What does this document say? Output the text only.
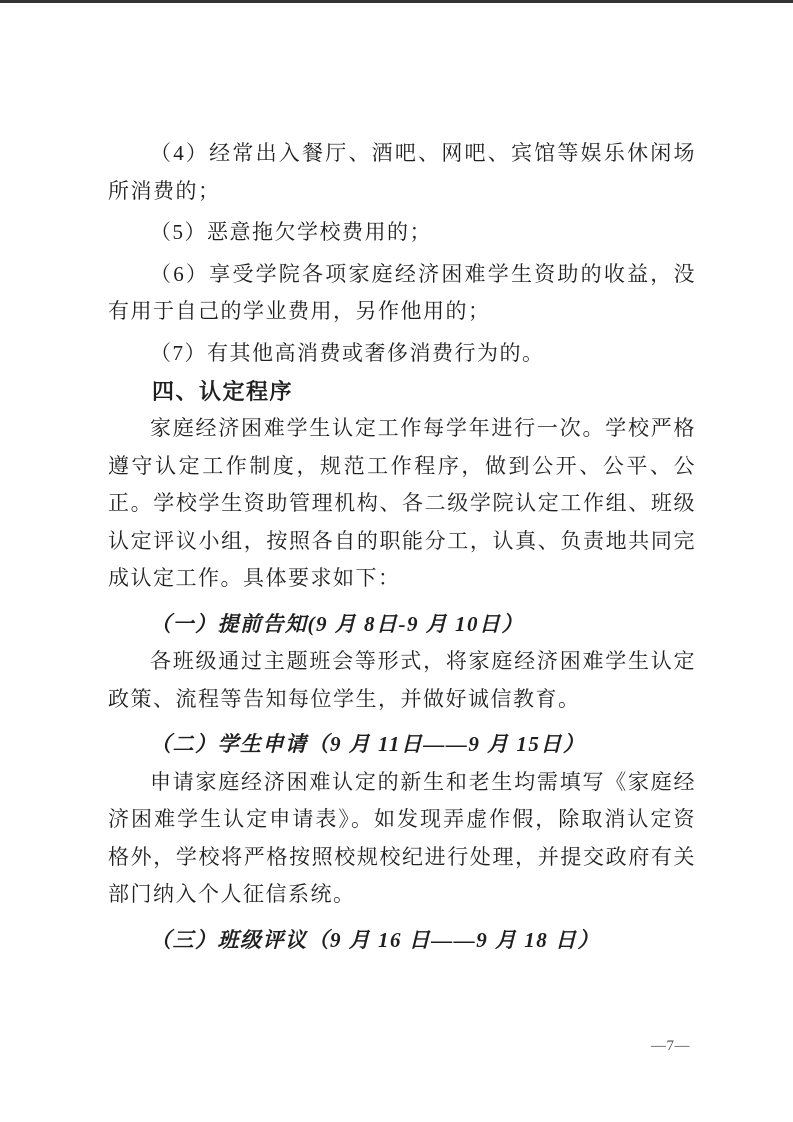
（4）经常出入餐厅、酒吧、网吧、宾馆等娱乐休闲场所消费的；

（5）恶意拖欠学校费用的；

（6）享受学院各项家庭经济困难学生资助的收益，没有用于自己的学业费用，另作他用的；

（7）有其他高消费或奢侈消费行为的。

四、认定程序

家庭经济困难学生认定工作每学年进行一次。学校严格遵守认定工作制度，规范工作程序，做到公开、公平、公正。学校学生资助管理机构、各二级学院认定工作组、班级认定评议小组，按照各自的职能分工，认真、负责地共同完成认定工作。具体要求如下：

（一）提前告知(9 月 8日-9 月 10日）

各班级通过主题班会等形式，将家庭经济困难学生认定政策、流程等告知每位学生，并做好诚信教育。

（二）学生申请（9 月 11日——9 月 15日）

申请家庭经济困难认定的新生和老生均需填写《家庭经济困难学生认定申请表》。如发现弄虚作假，除取消认定资格外，学校将严格按照校规校纪进行处理，并提交政府有关部门纳入个人征信系统。

（三）班级评议（9 月 16 日——9 月 18 日）
—7—
